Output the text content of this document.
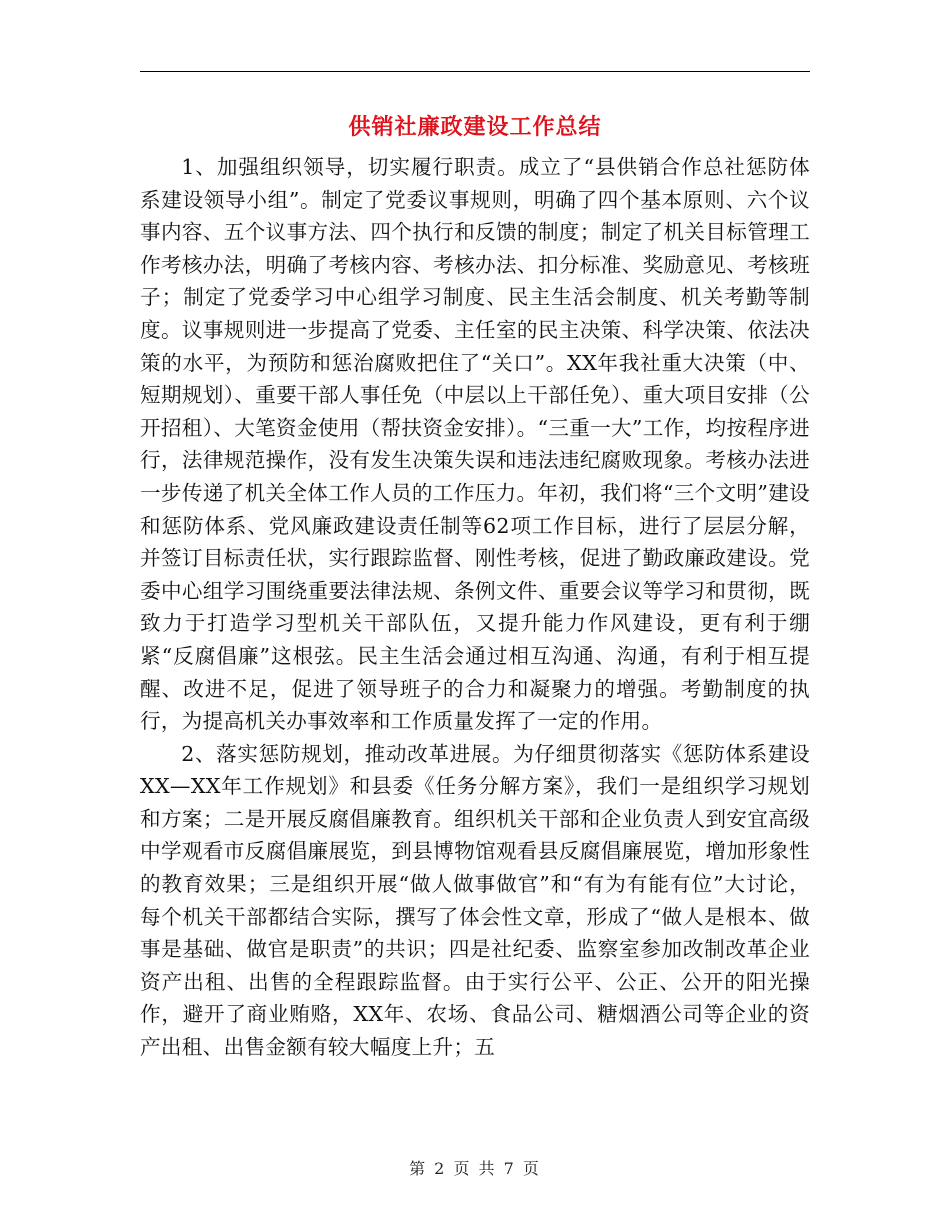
供销社廉政建设工作总结

1、加强组织领导，切实履行职责。成立了“县供销合作总社惩防体系建设领导小组”。制定了党委议事规则，明确了四个基本原则、六个议事内容、五个议事方法、四个执行和反馈的制度；制定了机关目标管理工作考核办法，明确了考核内容、考核办法、扣分标准、奖励意见、考核班子；制定了党委学习中心组学习制度、民主生活会制度、机关考勤等制度。议事规则进一步提高了党委、主任室的民主决策、科学决策、依法决策的水平，为预防和惩治腐败把住了“关口”。XX年我社重大决策（中、短期规划）、重要干部人事任免（中层以上干部任免）、重大项目安排（公开招租）、大笔资金使用（帮扶资金安排）。“三重一大”工作，均按程序进行，法律规范操作，没有发生决策失误和违法违纪腐败现象。考核办法进一步传递了机关全体工作人员的工作压力。年初，我们将“三个文明”建设和惩防体系、党风廉政建设责任制等62项工作目标，进行了层层分解，并签订目标责任状，实行跟踪监督、刚性考核，促进了勤政廉政建设。党委中心组学习围绕重要法律法规、条例文件、重要会议等学习和贯彻，既致力于打造学习型机关干部队伍，又提升能力作风建设，更有利于绷紧“反腐倡廉”这根弦。民主生活会通过相互沟通、沟通，有利于相互提醒、改进不足，促进了领导班子的合力和凝聚力的增强。考勤制度的执行，为提高机关办事效率和工作质量发挥了一定的作用。

2、落实惩防规划，推动改革进展。为仔细贯彻落实《惩防体系建设XX—XX年工作规划》和县委《任务分解方案》，我们一是组织学习规划和方案；二是开展反腐倡廉教育。组织机关干部和企业负责人到安宜高级中学观看市反腐倡廉展览，到县博物馆观看县反腐倡廉展览，增加形象性的教育效果；三是组织开展“做人做事做官”和“有为有能有位”大讨论，每个机关干部都结合实际，撰写了体会性文章，形成了“做人是根本、做事是基础、做官是职责”的共识；四是社纪委、监察室参加改制改革企业资产出租、出售的全程跟踪监督。由于实行公平、公正、公开的阳光操作，避开了商业贿赂，XX年、农场、食品公司、糖烟酒公司等企业的资产出租、出售金额有较大幅度上升；五

第 2 页 共 7 页
